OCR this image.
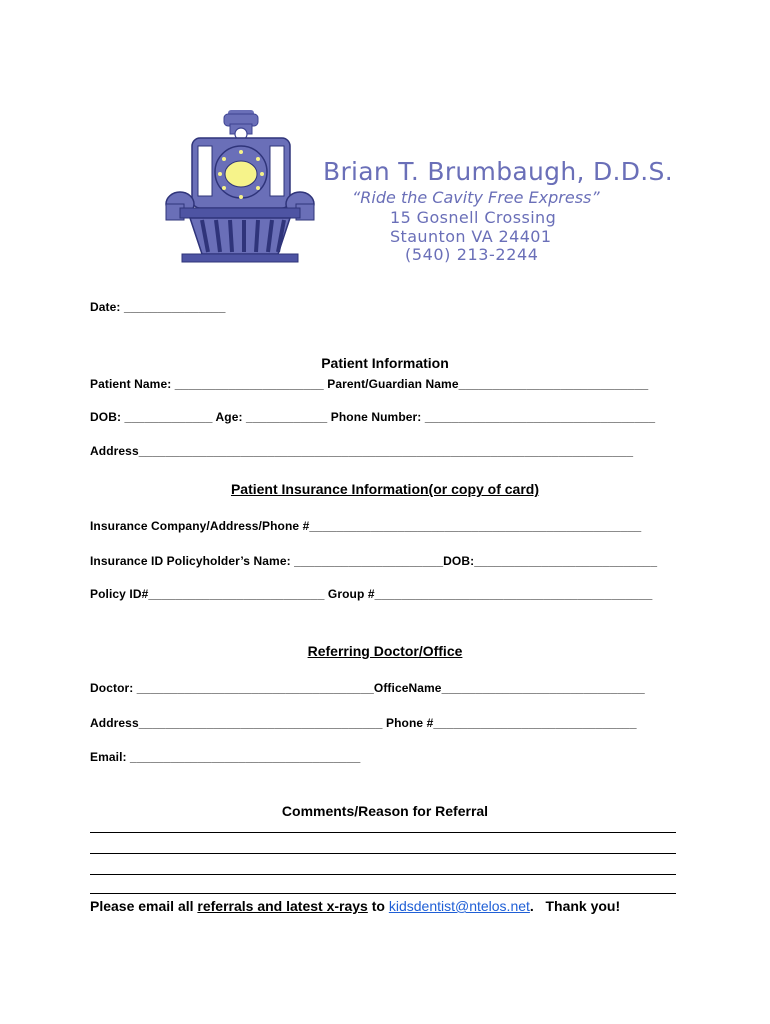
Brian T. Brumbaugh, D.D.S.
“Ride the Cavity Free Express”
15 Gosnell Crossing
Staunton VA 24401
(540) 213-2244
Date: _______________
Patient Information
Patient Name: ______________________ Parent/Guardian Name____________________________
DOB: _____________ Age: ____________ Phone Number: __________________________________
Address_________________________________________________________________________
Patient Insurance Information(or copy of card)
Insurance Company/Address/Phone #_________________________________________________
Insurance ID Policyholder’s Name: ______________________DOB:___________________________
Policy ID#__________________________ Group #_________________________________________
Referring Doctor/Office
Doctor: ___________________________________OfficeName______________________________
Address____________________________________ Phone #______________________________
Email: __________________________________
Comments/Reason for Referral
Please email all referrals and latest x-rays to kidsdentist@ntelos.net.   Thank you!
